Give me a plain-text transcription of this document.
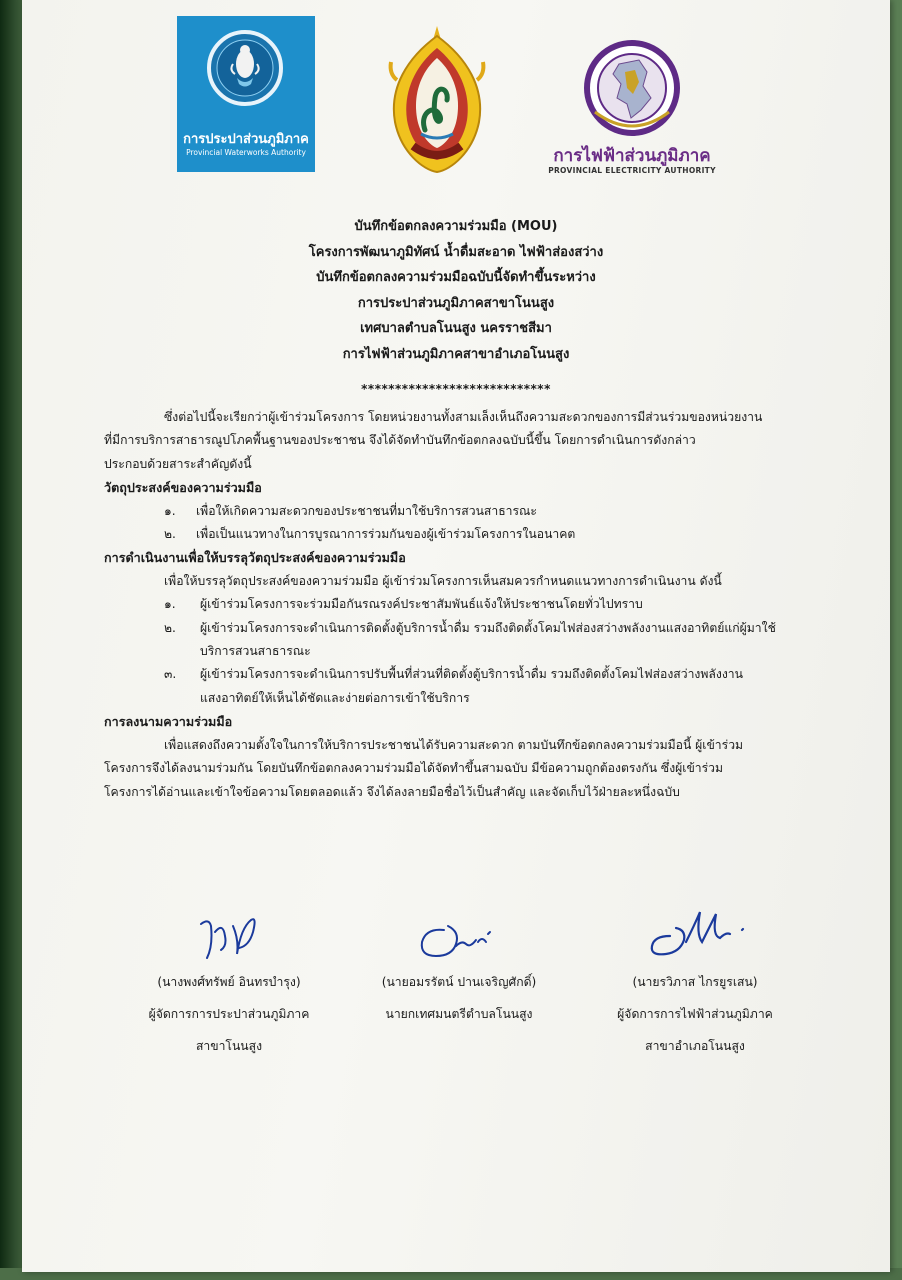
การประปาส่วนภูมิภาค
Provincial Waterworks Authority	การไฟฟ้าส่วนภูมิภาค
PROVINCIAL ELECTRICITY AUTHORITY
บันทึกข้อตกลงความร่วมมือ (MOU)
โครงการพัฒนาภูมิทัศน์ น้ำดื่มสะอาด ไฟฟ้าส่องสว่าง
บันทึกข้อตกลงความร่วมมือฉบับนี้จัดทำขึ้นระหว่าง
การประปาส่วนภูมิภาคสาขาโนนสูง
เทศบาลตำบลโนนสูง นครราชสีมา
การไฟฟ้าส่วนภูมิภาคสาขาอำเภอโนนสูง
****************************
ซึ่งต่อไปนี้จะเรียกว่าผู้เข้าร่วมโครงการ โดยหน่วยงานทั้งสามเล็งเห็นถึงความสะดวกของการมีส่วนร่วมของหน่วยงาน
ที่มีการบริการสาธารณูปโภคพื้นฐานของประชาชน จึงได้จัดทำบันทึกข้อตกลงฉบับนี้ขึ้น โดยการดำเนินการดังกล่าว
ประกอบด้วยสาระสำคัญดังนี้
วัตถุประสงค์ของความร่วมมือ
๑. เพื่อให้เกิดความสะดวกของประชาชนที่มาใช้บริการสวนสาธารณะ
๒. เพื่อเป็นแนวทางในการบูรณาการร่วมกันของผู้เข้าร่วมโครงการในอนาคต
การดำเนินงานเพื่อให้บรรลุวัตถุประสงค์ของความร่วมมือ
เพื่อให้บรรลุวัตถุประสงค์ของความร่วมมือ ผู้เข้าร่วมโครงการเห็นสมควรกำหนดแนวทางการดำเนินงาน ดังนี้
๑. ผู้เข้าร่วมโครงการจะร่วมมือกันรณรงค์ประชาสัมพันธ์แจ้งให้ประชาชนโดยทั่วไปทราบ
๒. ผู้เข้าร่วมโครงการจะดำเนินการติดตั้งตู้บริการน้ำดื่ม รวมถึงติดตั้งโคมไฟส่องสว่างพลังงานแสงอาทิตย์แก่ผู้มาใช้
บริการสวนสาธารณะ
๓. ผู้เข้าร่วมโครงการจะดำเนินการปรับพื้นที่ส่วนที่ติดตั้งตู้บริการน้ำดื่ม รวมถึงติดตั้งโคมไฟส่องสว่างพลังงาน
แสงอาทิตย์ให้เห็นได้ชัดและง่ายต่อการเข้าใช้บริการ
การลงนามความร่วมมือ
เพื่อแสดงถึงความตั้งใจในการให้บริการประชาชนได้รับความสะดวก ตามบันทึกข้อตกลงความร่วมมือนี้ ผู้เข้าร่วม
โครงการจึงได้ลงนามร่วมกัน โดยบันทึกข้อตกลงความร่วมมือได้จัดทำขึ้นสามฉบับ มีข้อความถูกต้องตรงกัน ซึ่งผู้เข้าร่วม
โครงการได้อ่านและเข้าใจข้อความโดยตลอดแล้ว จึงได้ลงลายมือชื่อไว้เป็นสำคัญ และจัดเก็บไว้ฝ่ายละหนึ่งฉบับ
(นางพงศ์ทรัพย์ อินทรบำรุง)
ผู้จัดการการประปาส่วนภูมิภาค
สาขาโนนสูง
(นายอมรรัตน์ ปานเจริญศักดิ์)
นายกเทศมนตรีตำบลโนนสูง
(นายรวิภาส ไกรยูรเสน)
ผู้จัดการการไฟฟ้าส่วนภูมิภาค
สาขาอำเภอโนนสูง
